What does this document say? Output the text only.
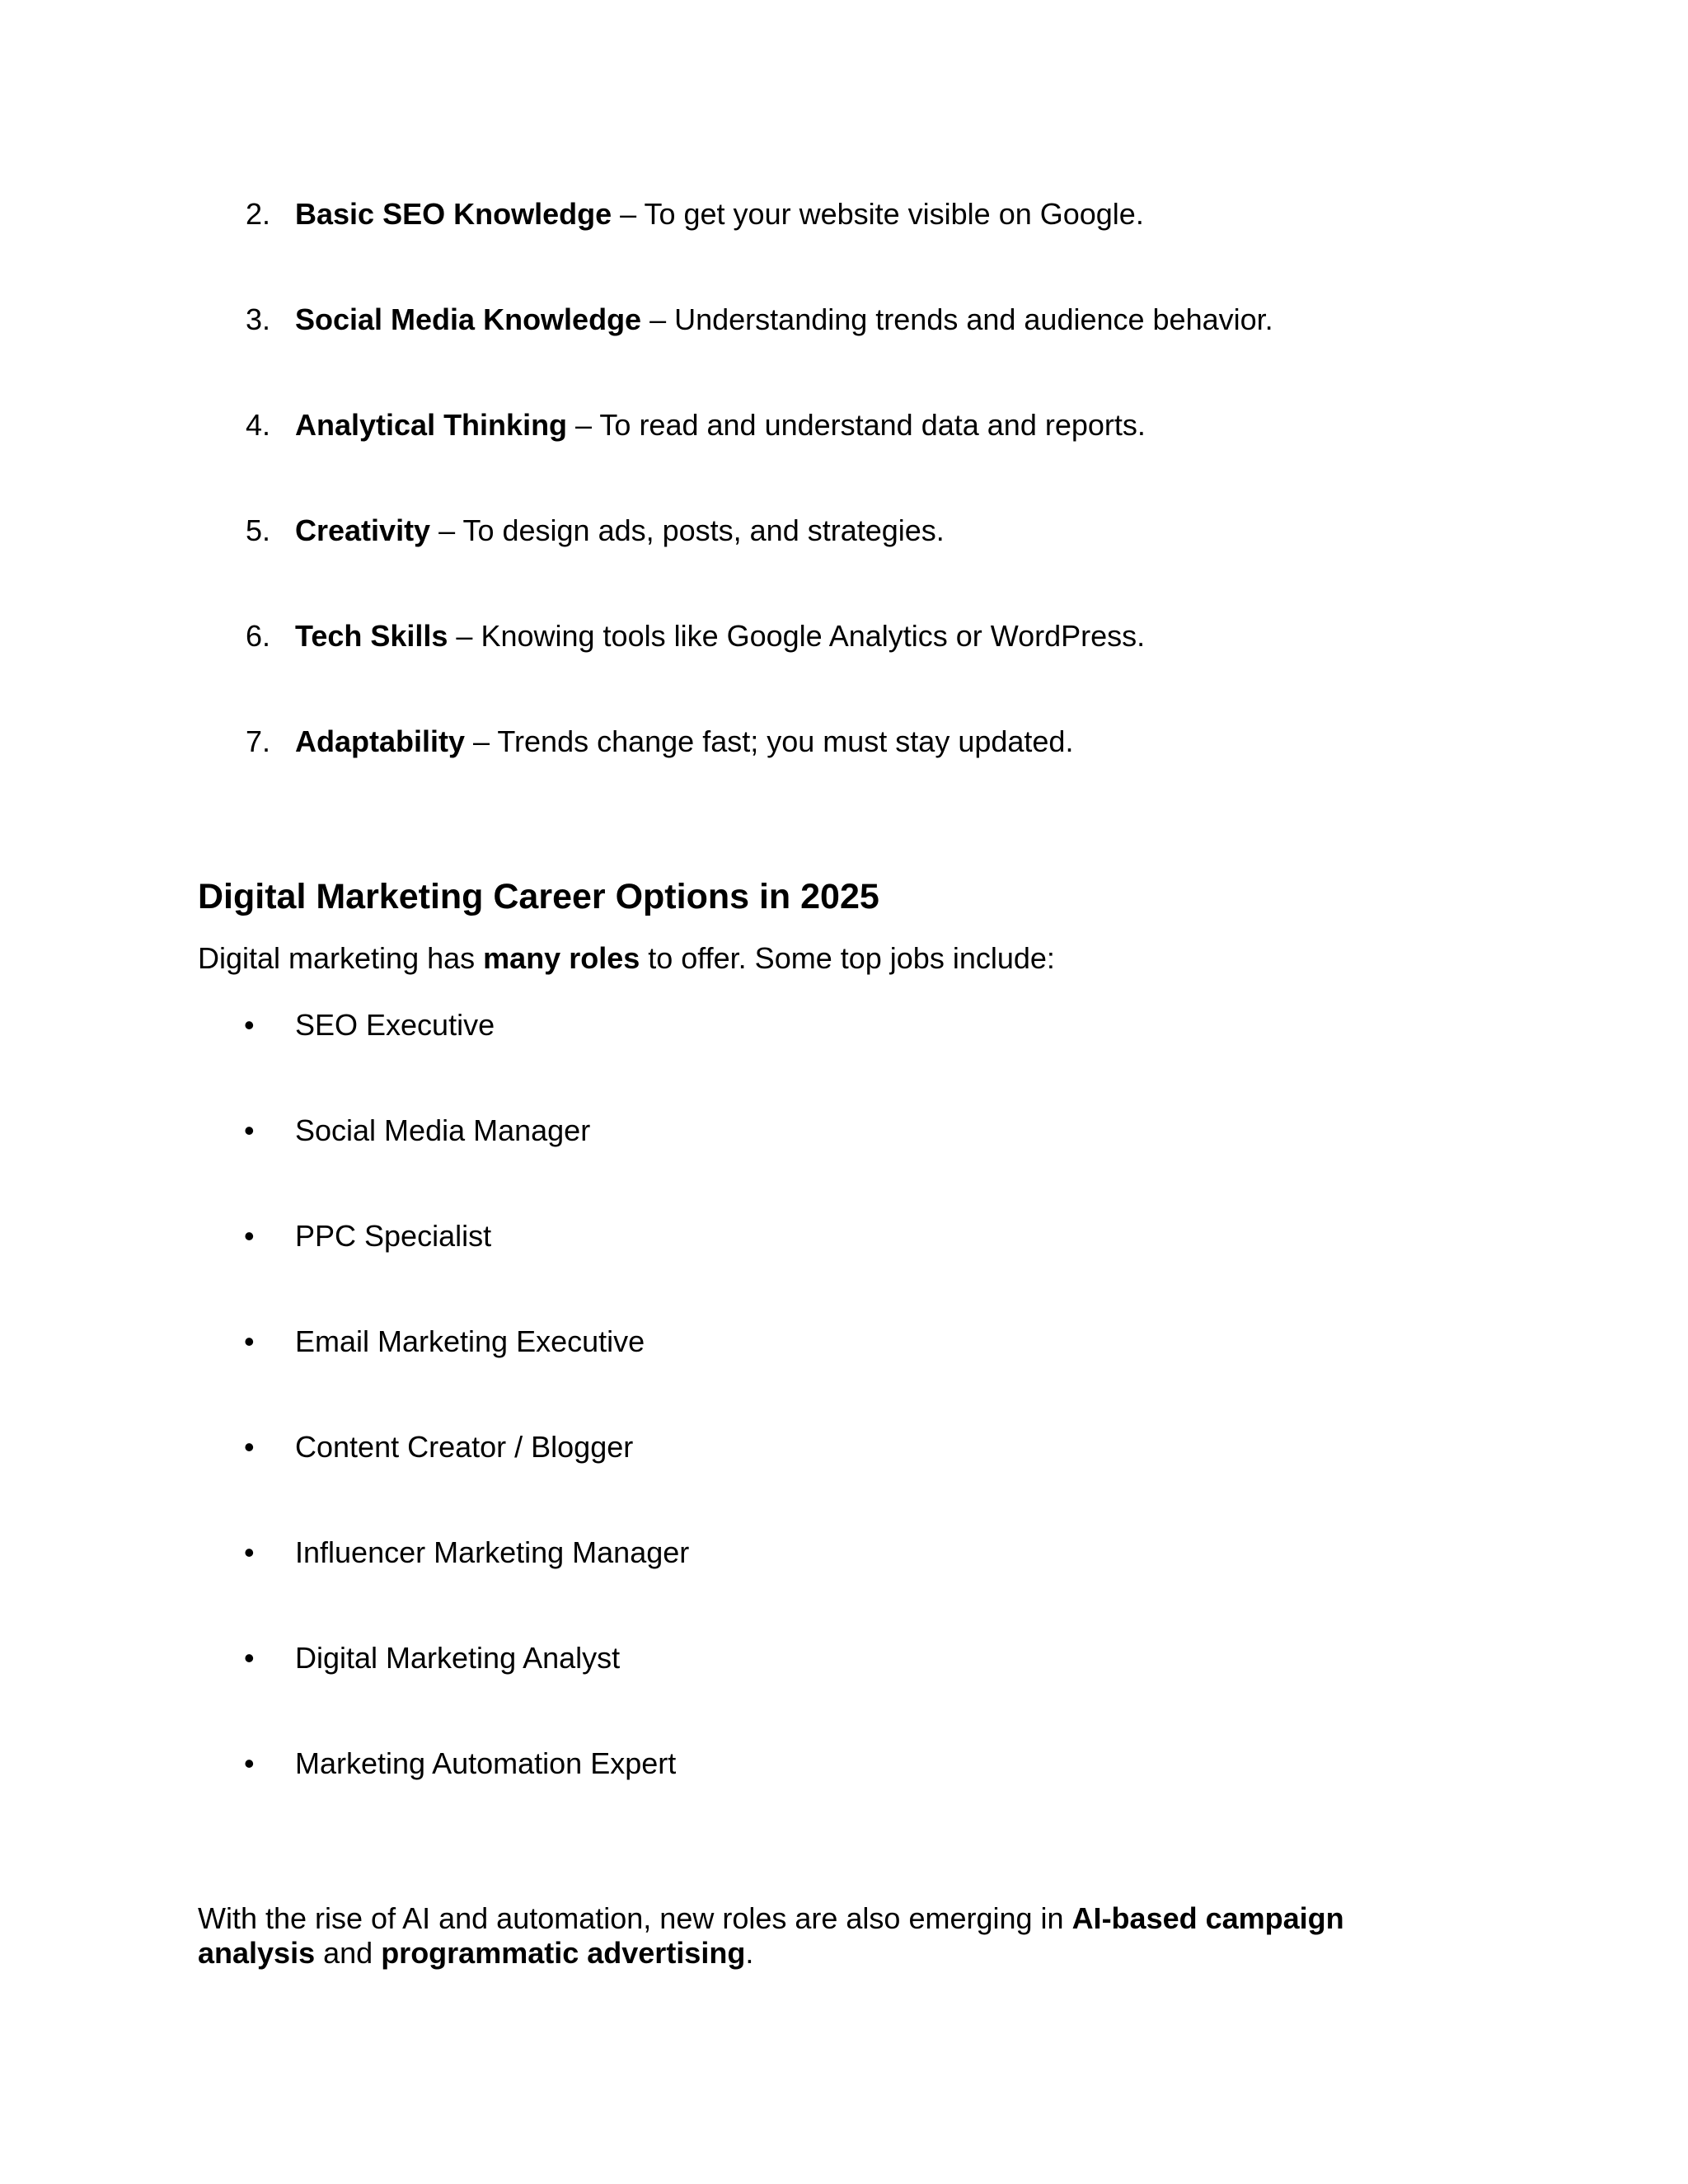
2. Basic SEO Knowledge – To get your website visible on Google.
3. Social Media Knowledge – Understanding trends and audience behavior.
4. Analytical Thinking – To read and understand data and reports.
5. Creativity – To design ads, posts, and strategies.
6. Tech Skills – Knowing tools like Google Analytics or WordPress.
7. Adaptability – Trends change fast; you must stay updated.
Digital Marketing Career Options in 2025
Digital marketing has many roles to offer. Some top jobs include:
• SEO Executive
• Social Media Manager
• PPC Specialist
• Email Marketing Executive
• Content Creator / Blogger
• Influencer Marketing Manager
• Digital Marketing Analyst
• Marketing Automation Expert
With the rise of AI and automation, new roles are also emerging in AI-based campaign analysis and programmatic advertising.
